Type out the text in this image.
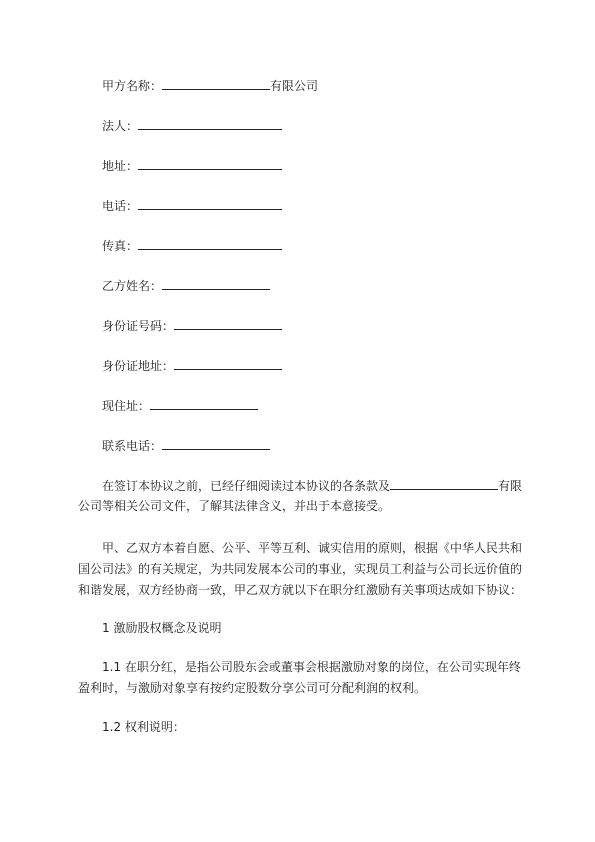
甲方名称：	有限公司
法人：
地址：
电话：
传真：
乙方姓名：
身份证号码：
身份证地址：
现住址：
联系电话：
在签订本协议之前，已经仔细阅读过本协议的各条款及	有限
公司等相关公司文件，了解其法律含义，并出于本意接受。
甲、乙双方本着自愿、公平、平等互利、诚实信用的原则，根据《中华人民共和
国公司法》的有关规定，为共同发展本公司的事业，实现员工利益与公司长远价值的
和谐发展，双方经协商一致，甲乙双方就以下在职分红激励有关事项达成如下协议：
1 激励股权概念及说明
1.1 在职分红，是指公司股东会或董事会根据激励对象的岗位，在公司实现年终
盈利时，与激励对象享有按约定股数分享公司可分配利润的权利。
1.2 权利说明：
